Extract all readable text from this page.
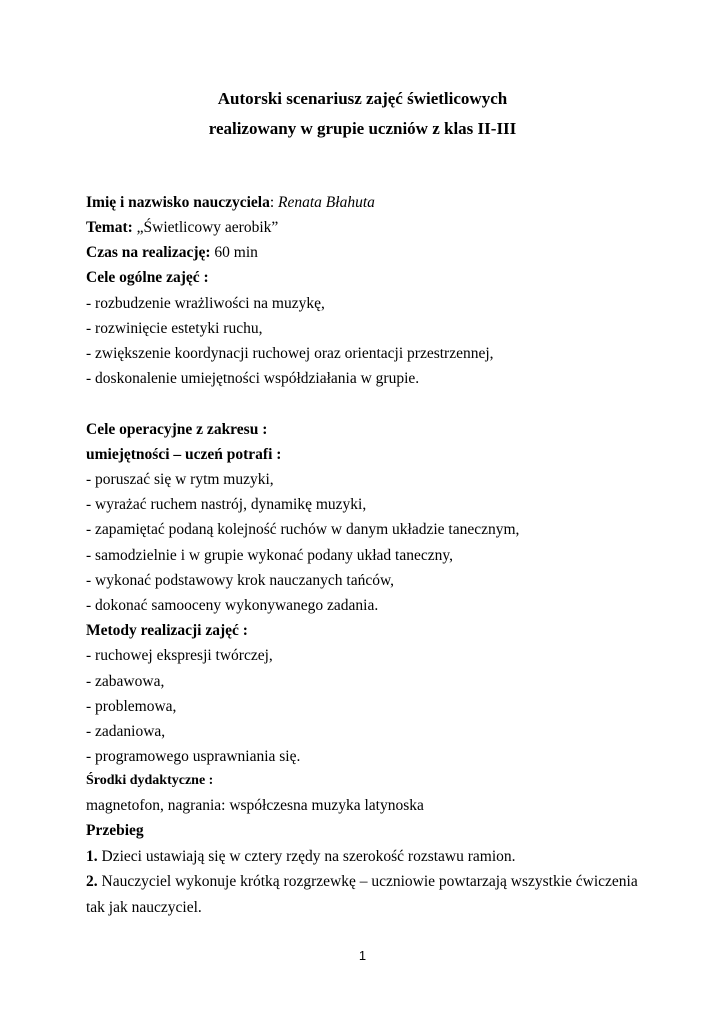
Autorski scenariusz zajęć świetlicowych
realizowany w grupie uczniów z klas II-III
Imię i nazwisko nauczyciela: Renata Błahuta
Temat: „Świetlicowy aerobik”
Czas na realizację: 60 min
Cele ogólne zajęć :
- rozbudzenie wrażliwości na muzykę,
- rozwinięcie estetyki ruchu,
- zwiększenie koordynacji ruchowej oraz orientacji przestrzennej,
- doskonalenie umiejętności współdziałania w grupie.
Cele operacyjne z zakresu :
umiejętności – uczeń potrafi :
- poruszać się w rytm muzyki,
- wyrażać ruchem nastrój, dynamikę muzyki,
- zapamiętać podaną kolejność ruchów w danym układzie tanecznym,
- samodzielnie i w grupie wykonać podany układ taneczny,
- wykonać podstawowy krok nauczanych tańców,
- dokonać samooceny wykonywanego zadania.
Metody realizacji zajęć :
- ruchowej ekspresji twórczej,
- zabawowa,
- problemowa,
- zadaniowa,
- programowego usprawniania się.
Środki dydaktyczne :
magnetofon, nagrania: współczesna muzyka latynoska
Przebieg
1. Dzieci ustawiają się w cztery rzędy na szerokość rozstawu ramion.
2. Nauczyciel wykonuje krótką rozgrzewkę – uczniowie powtarzają wszystkie ćwiczenia tak jak nauczyciel.
1
